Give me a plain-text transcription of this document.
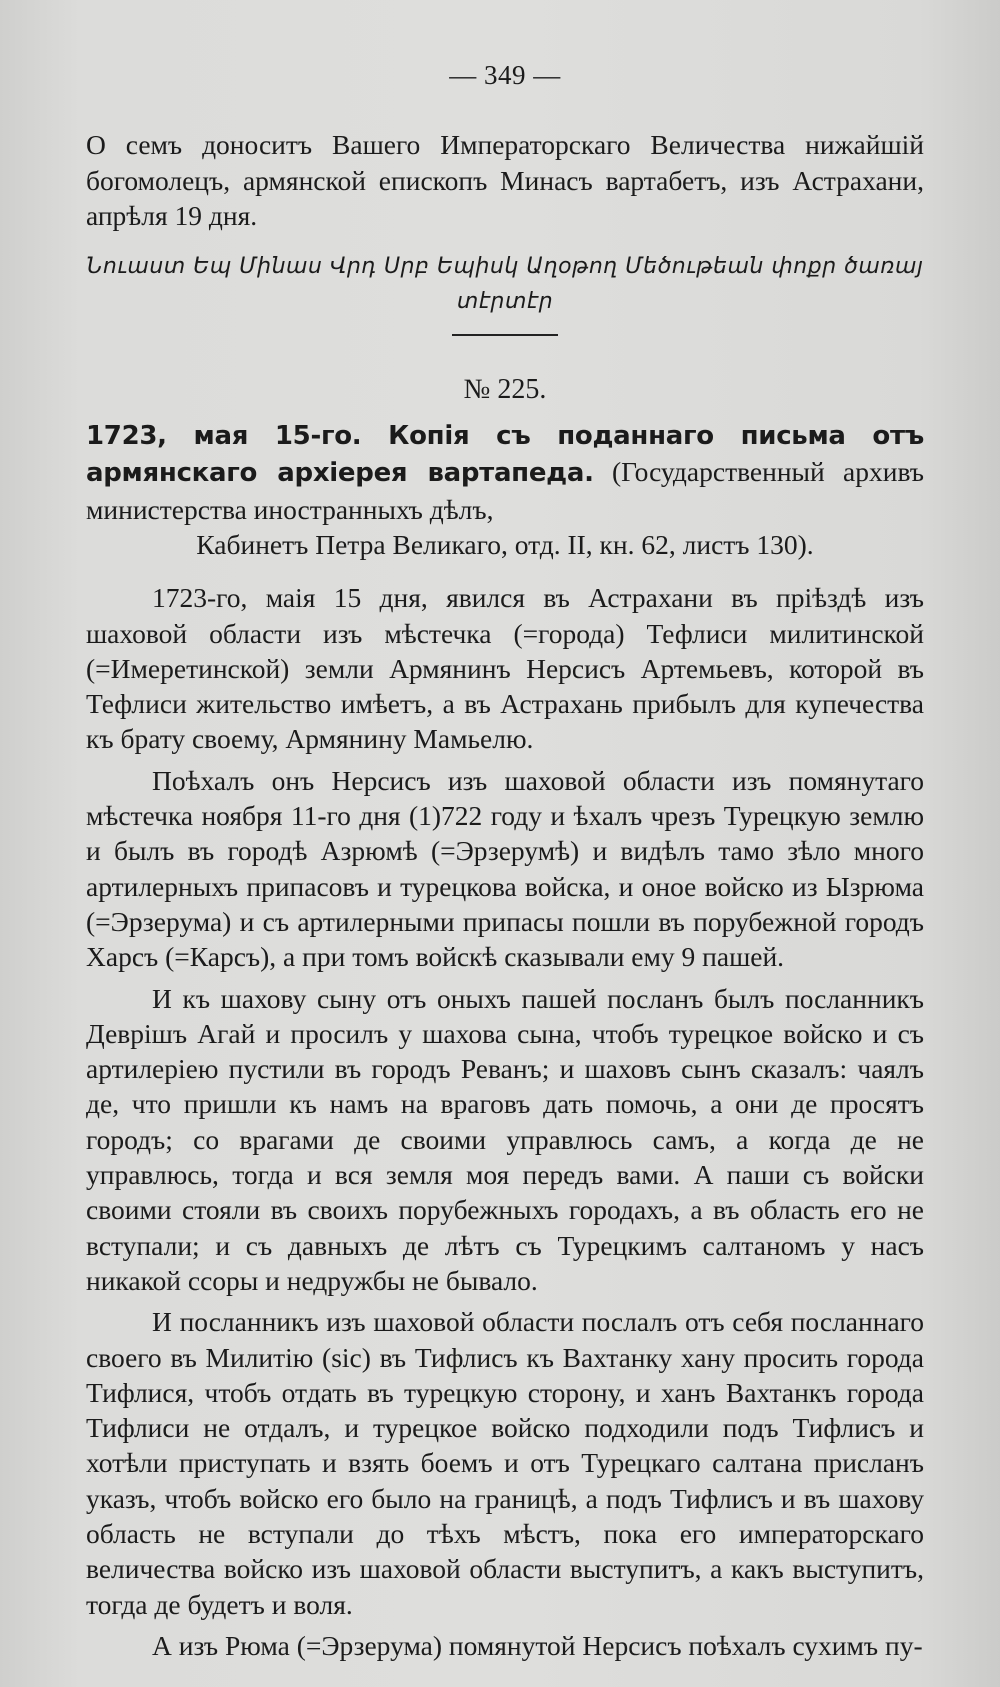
— 349 —

О семъ доноситъ Вашего Императорскаго Величества нижайшій богомолецъ, армянской епископъ Минасъ вартабетъ, изъ Астрахани, апрѣля 19 дня.

Նուաստ Եպ Մինաս Վրդ Սրբ Եպիսկ Աղօթող Մեծութեան փոքր ծառայ տէրտէր
№ 225.

1723, мая 15-го. Копія съ поданнаго письма отъ армянскаго архіерея вартапеда. (Государственный архивъ министерства иностранныхъ дѣлъ,
Кабинетъ Петра Великаго, отд. II, кн. 62, листъ 130).

1723-го, маія 15 дня, явился въ Астрахани въ пріѣздѣ изъ шаховой области изъ мѣстечка (=города) Тефлиси милитинской (=Имеретинской) земли Армянинъ Нерсисъ Артемьевъ, которой въ Тефлиси жительство имѣетъ, а въ Астрахань прибылъ для купечества къ брату своему, Армянину Мамьелю.

Поѣхалъ онъ Нерсисъ изъ шаховой области изъ помянутаго мѣстечка ноября 11-го дня (1)722 году и ѣхалъ чрезъ Турецкую землю и былъ въ городѣ Азрюмѣ (=Эрзерумѣ) и видѣлъ тамо зѣло много артилерныхъ припасовъ и турецкова войска, и оное войско из Ызрюма (=Эрзерума) и съ артилерными припасы пошли въ порубежной городъ Харсъ (=Карсъ), а при томъ войскѣ сказывали ему 9 пашей.

И къ шахову сыну отъ оныхъ пашей посланъ былъ посланникъ Деврішъ Агай и просилъ у шахова сына, чтобъ турецкое войско и съ артилеріею пустили въ городъ Реванъ; и шаховъ сынъ сказалъ: чаялъ де, что пришли къ намъ на враговъ дать помочь, а они де просятъ городъ; со врагами де своими управлюсь самъ, а когда де не управлюсь, тогда и вся земля моя передъ вами. А паши съ войски своими стояли въ своихъ порубежныхъ городахъ, а въ область его не вступали; и съ давныхъ де лѣтъ съ Турецкимъ салтаномъ у насъ никакой ссоры и недружбы не бывало.

И посланникъ изъ шаховой области послалъ отъ себя посланнаго своего въ Милитію (sic) въ Тифлисъ къ Вахтанку хану просить города Тифлися, чтобъ отдать въ турецкую сторону, и ханъ Вахтанкъ города Тифлиси не отдалъ, и турецкое войско подходили подъ Тифлисъ и хотѣли приступать и взять боемъ и отъ Турецкаго салтана присланъ указъ, чтобъ войско его было на границѣ, а подъ Тифлисъ и въ шахову область не вступали до тѣхъ мѣстъ, пока его императорскаго величества войско изъ шаховой области выступитъ, а какъ выступитъ, тогда де будетъ и воля.

А изъ Рюма (=Эрзерума) помянутой Нерсисъ поѣхалъ сухимъ пу-
